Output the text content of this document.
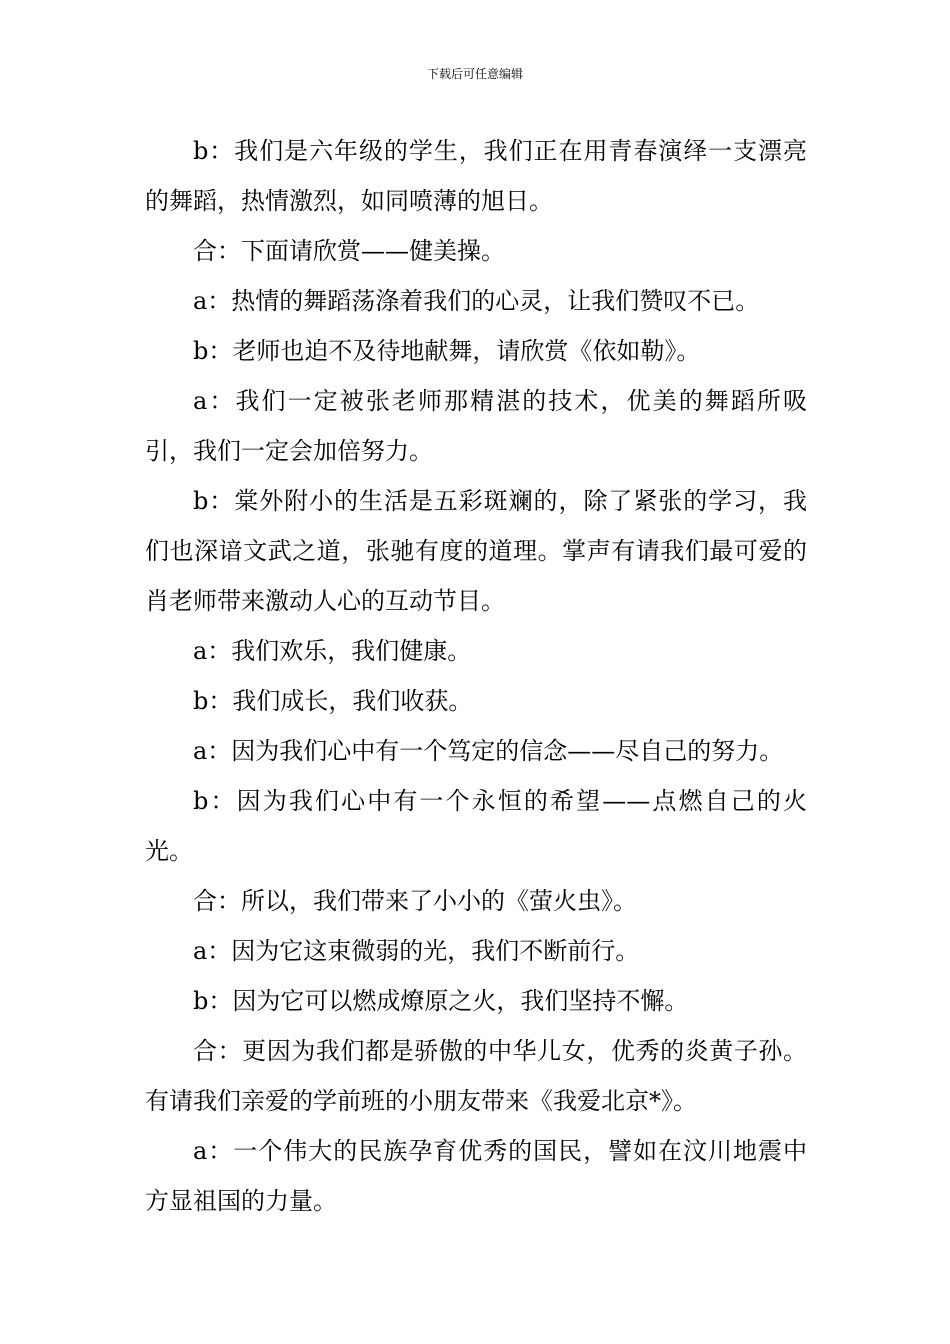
下载后可任意编辑

b：我们是六年级的学生，我们正在用青春演绎一支漂亮的舞蹈，热情激烈，如同喷薄的旭日。

合：下面请欣赏——健美操。

a：热情的舞蹈荡涤着我们的心灵，让我们赞叹不已。

b：老师也迫不及待地献舞，请欣赏《依如勒》。

a：我们一定被张老师那精湛的技术，优美的舞蹈所吸引，我们一定会加倍努力。

b：棠外附小的生活是五彩斑斓的，除了紧张的学习，我们也深谙文武之道，张驰有度的道理。掌声有请我们最可爱的肖老师带来激动人心的互动节目。

a：我们欢乐，我们健康。

b：我们成长，我们收获。

a：因为我们心中有一个笃定的信念——尽自己的努力。

b：因为我们心中有一个永恒的希望——点燃自己的火光。

合：所以，我们带来了小小的《萤火虫》。

a：因为它这束微弱的光，我们不断前行。

b：因为它可以燃成燎原之火，我们坚持不懈。

合：更因为我们都是骄傲的中华儿女，优秀的炎黄子孙。有请我们亲爱的学前班的小朋友带来《我爱北京*》。

a：一个伟大的民族孕育优秀的国民，譬如在汶川地震中方显祖国的力量。
